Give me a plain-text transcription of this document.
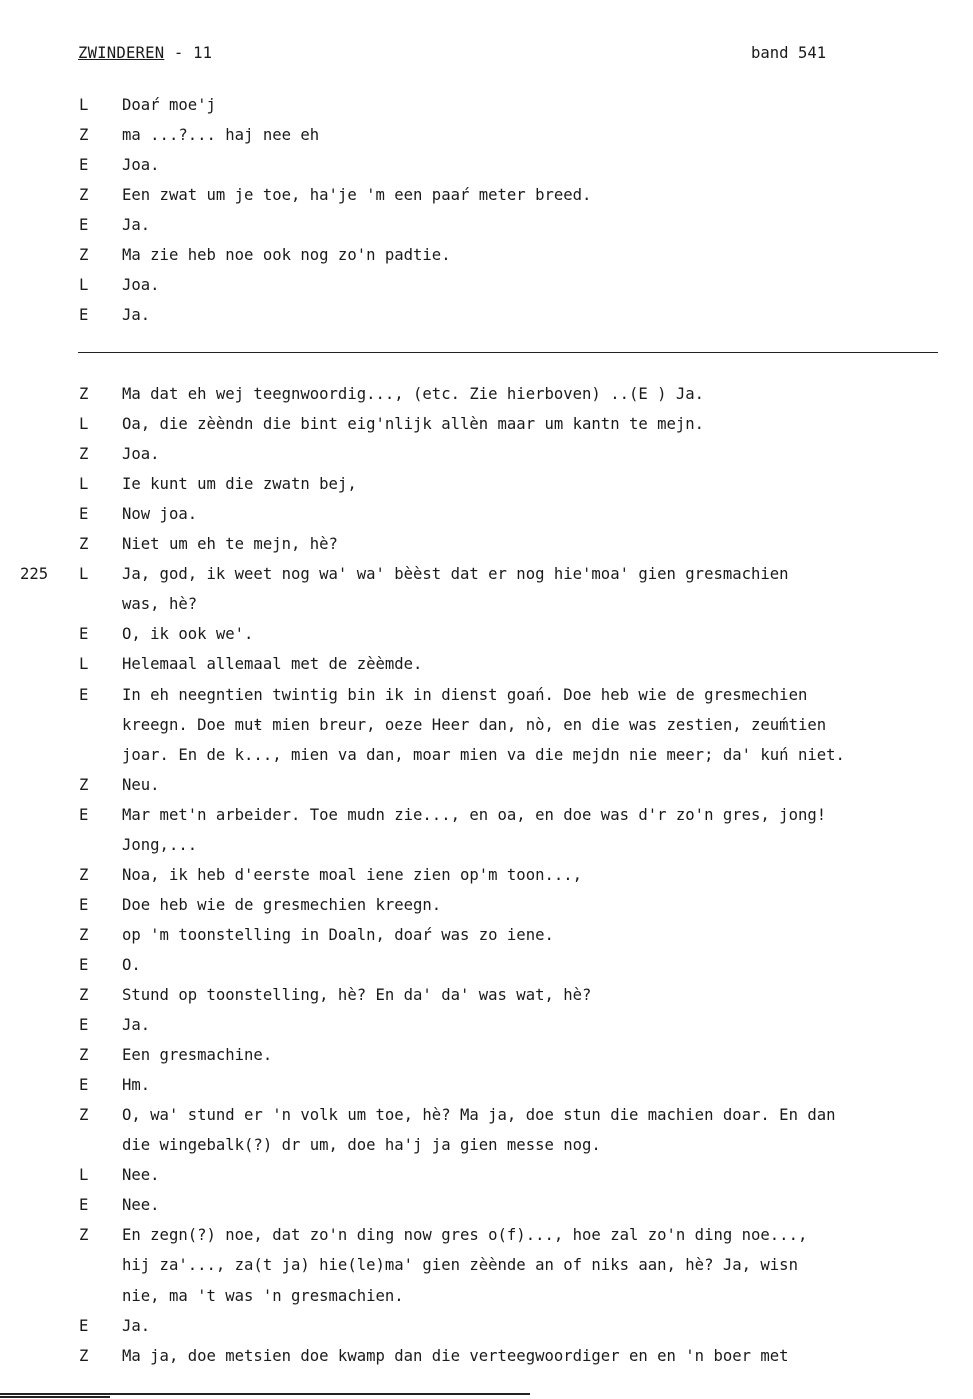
ZWINDEREN - 11	band 541
L Doaŕ moe'j
Z ma ...?... haj nee eh
E Joa.
Z Een zwat um je toe, ha'je 'm een paaŕ meter breed.
E Ja.
Z Ma zie heb noe ook nog zo'n padtie.
L Joa.
E Ja.
Z Ma dat eh wej teegnwoordig..., (etc. Zie hierboven) ..(E ) Ja.
L Oa, die zèèndn die bint eig'nlijk allèn maar um kantn te mejn.
Z Joa.
L Ie kunt um die zwatn bej,
E Now joa.
Z Niet um eh te mejn, hè?
L
225	Ja, god, ik weet nog wa' wa' bèèst dat er nog hie'moa' gien gresmachien
was, hè?
E O, ik ook we'.
L Helemaal allemaal met de zèèmde.
E In eh neegntien twintig bin ik in dienst goań. Doe heb wie de gresmechien
kreegn. Doe muŧ mien breur, oeze Heer dan, nò, en die was zestien, zeuḿtien
joar. En de k..., mien va dan, moar mien va die mejdn nie meer; da' kuń niet.
Z Neu.
E Mar met'n arbeider. Toe mudn zie..., en oa, en doe was d'r zo'n gres, jong!
Jong,...
Z Noa, ik heb d'eerste moal iene zien op'm toon...,
E Doe heb wie de gresmechien kreegn.
Z op 'm toonstelling in Doaln, doaŕ was zo iene.
E O.
Z Stund op toonstelling, hè? En da' da' was wat, hè?
E Ja.
Z Een gresmachine.
E Hm.
Z O, wa' stund er 'n volk um toe, hè? Ma ja, doe stun die machien doar. En dan
die wingebalk(?) dr um, doe ha'j ja gien messe nog.
L Nee.
E Nee.
Z En zegn(?) noe, dat zo'n ding now gres o(f)..., hoe zal zo'n ding noe...,
hij za'..., za(t ja) hie(le)ma' gien zèènde an of niks aan, hè? Ja, wisn
nie, ma 't was 'n gresmachien.
E Ja.
Z Ma ja, doe metsien doe kwamp dan die verteegwoordiger en en 'n boer met
